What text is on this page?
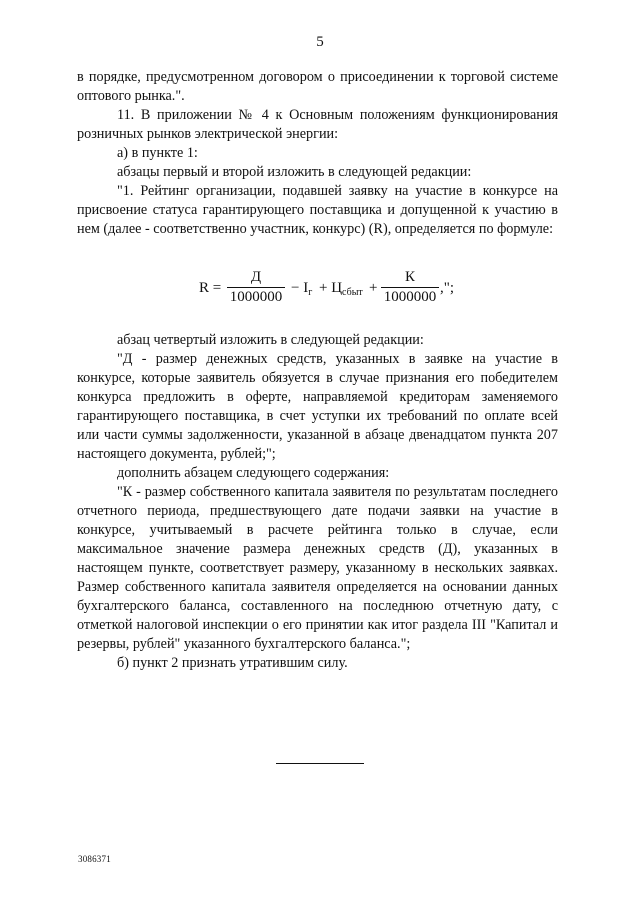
5

в порядке, предусмотренном договором о присоединении к торговой системе оптового рынка.".

11. В приложении № 4 к Основным положениям функционирования розничных рынков электрической энергии:

а) в пункте 1:

абзацы первый и второй изложить в следующей редакции:

"1. Рейтинг организации, подавшей заявку на участие в конкурсе на присвоение статуса гарантирующего поставщика и допущенной к участию в нем (далее - соответственно участник, конкурс) (R), определяется по формуле:

R =
Д
1000000
− $I_г + Ц_{сбыт}$ +
К
1000000
,";

абзац четвертый изложить в следующей редакции:

"Д - размер денежных средств, указанных в заявке на участие в конкурсе, которые заявитель обязуется в случае признания его победителем конкурса предложить в оферте, направляемой кредиторам заменяемого гарантирующего поставщика, в счет уступки их требований по оплате всей или части суммы задолженности, указанной в абзаце двенадцатом пункта 207 настоящего документа, рублей;";

дополнить абзацем следующего содержания:

"К - размер собственного капитала заявителя по результатам последнего отчетного периода, предшествующего дате подачи заявки на участие в конкурсе, учитываемый в расчете рейтинга только в случае, если максимальное значение размера денежных средств (Д), указанных в настоящем пункте, соответствует размеру, указанному в нескольких заявках. Размер собственного капитала заявителя определяется на основании данных бухгалтерского баланса, составленного на последнюю отчетную дату, с отметкой налоговой инспекции о его принятии как итог раздела III "Капитал и резервы, рублей" указанного бухгалтерского баланса.";

б) пункт 2 признать утратившим силу.

3086371
